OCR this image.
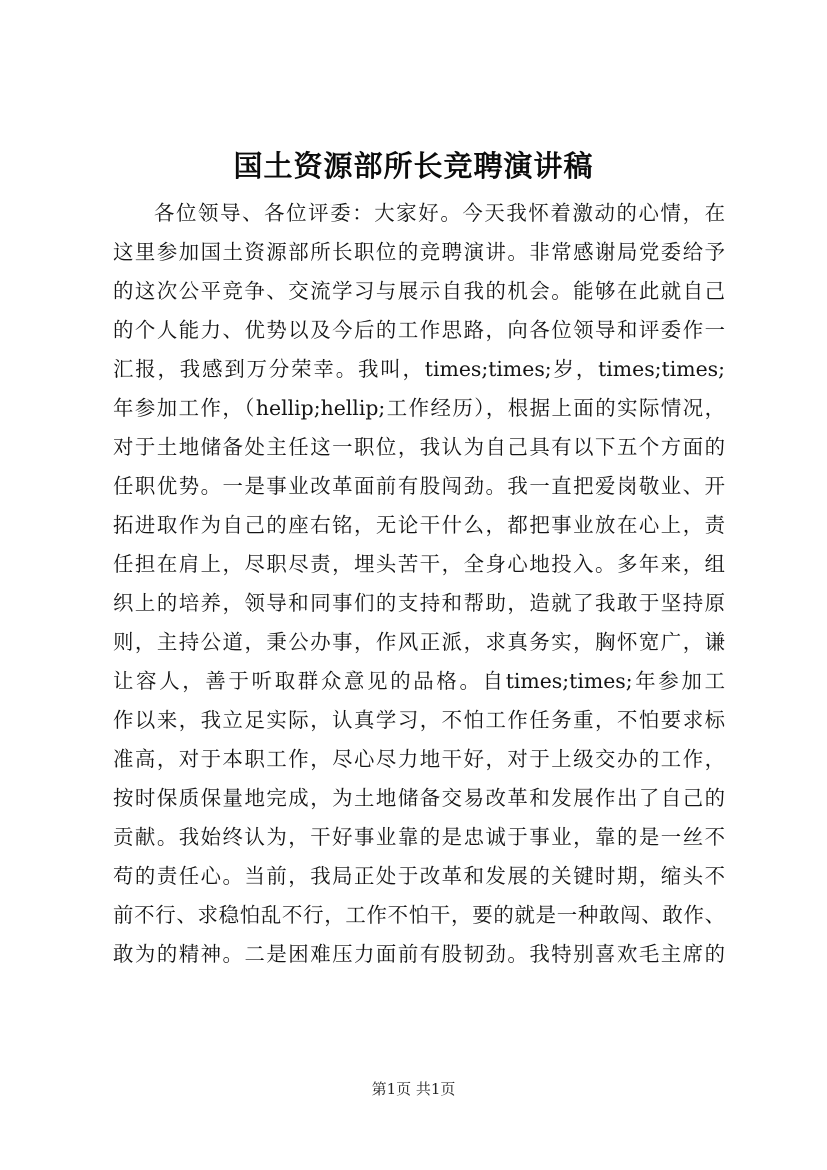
国土资源部所长竞聘演讲稿
各位领导、各位评委：大家好。今天我怀着激动的心情，在
这里参加国土资源部所长职位的竞聘演讲。非常感谢局党委给予
的这次公平竞争、交流学习与展示自我的机会。能够在此就自己
的个人能力、优势以及今后的工作思路，向各位领导和评委作一
汇报，我感到万分荣幸。我叫，times;times;岁，times;times;
年参加工作，（hellip;hellip;工作经历），根据上面的实际情况，
对于土地储备处主任这一职位，我认为自己具有以下五个方面的
任职优势。一是事业改革面前有股闯劲。我一直把爱岗敬业、开
拓进取作为自己的座右铭，无论干什么，都把事业放在心上，责
任担在肩上，尽职尽责，埋头苦干，全身心地投入。多年来，组
织上的培养，领导和同事们的支持和帮助，造就了我敢于坚持原
则，主持公道，秉公办事，作风正派，求真务实，胸怀宽广，谦
让容人，善于听取群众意见的品格。自times;times;年参加工
作以来，我立足实际，认真学习，不怕工作任务重，不怕要求标
准高，对于本职工作，尽心尽力地干好，对于上级交办的工作，
按时保质保量地完成，为土地储备交易改革和发展作出了自己的
贡献。我始终认为，干好事业靠的是忠诚于事业，靠的是一丝不
苟的责任心。当前，我局正处于改革和发展的关键时期，缩头不
前不行、求稳怕乱不行，工作不怕干，要的就是一种敢闯、敢作、
敢为的精神。二是困难压力面前有股韧劲。我特别喜欢毛主席的
第1页 共1页
